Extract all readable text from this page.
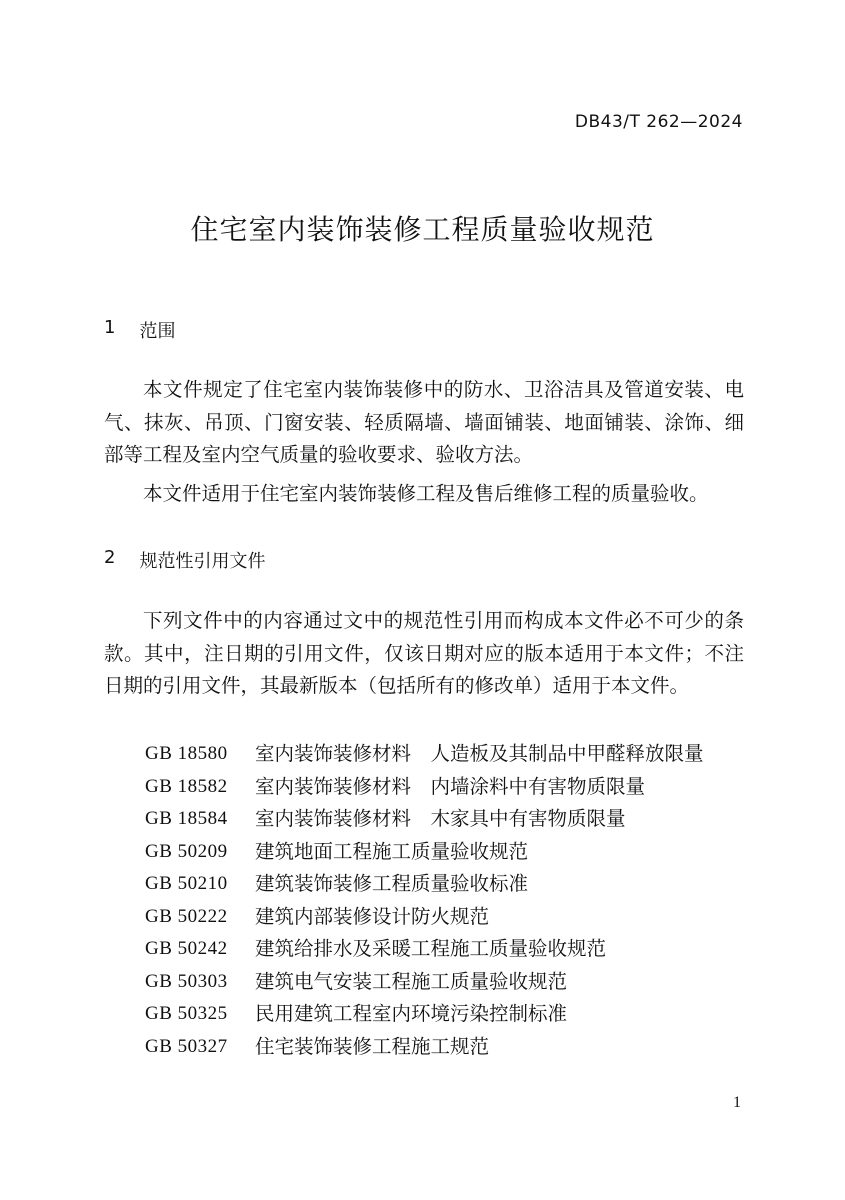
DB43/T 262—2024
住宅室内装饰装修工程质量验收规范
1 范围

本文件规定了住宅室内装饰装修中的防水、卫浴洁具及管道安装、电气、抹灰、吊顶、门窗安装、轻质隔墙、墙面铺装、地面铺装、涂饰、细部等工程及室内空气质量的验收要求、验收方法。

本文件适用于住宅室内装饰装修工程及售后维修工程的质量验收。

2 规范性引用文件

下列文件中的内容通过文中的规范性引用而构成本文件必不可少的条款。其中，注日期的引用文件，仅该日期对应的版本适用于本文件；不注日期的引用文件，其最新版本（包括所有的修改单）适用于本文件。

GB 18580	室内装饰装修材料　人造板及其制品中甲醛释放限量
GB 18582	室内装饰装修材料　内墙涂料中有害物质限量
GB 18584	室内装饰装修材料　木家具中有害物质限量
GB 50209	建筑地面工程施工质量验收规范
GB 50210	建筑装饰装修工程质量验收标准
GB 50222	建筑内部装修设计防火规范
GB 50242	建筑给排水及采暖工程施工质量验收规范
GB 50303	建筑电气安装工程施工质量验收规范
GB 50325	民用建筑工程室内环境污染控制标准
GB 50327	住宅装饰装修工程施工规范
1
